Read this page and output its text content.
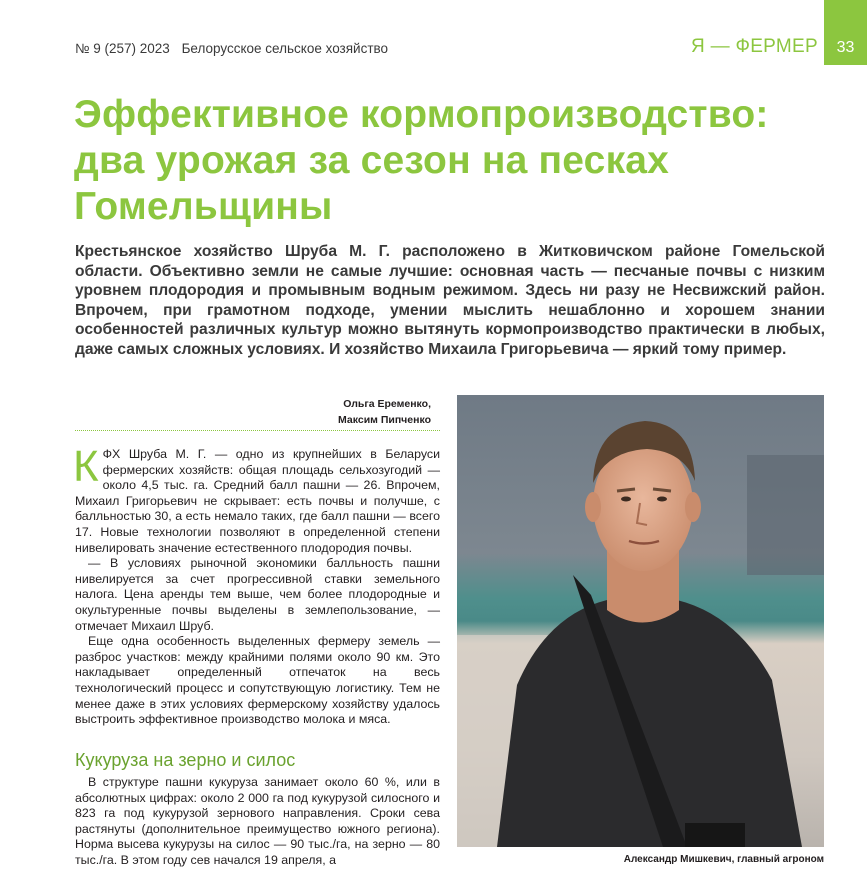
№ 9 (257) 2023 Белорусское сельское хозяйство	Я — ФЕРМЕР	33
Эффективное кормопроизводство: два урожая за сезон на песках Гомельщины

Крестьянское хозяйство Шруба М. Г. расположено в Житковичском районе Гомельской области. Объективно земли не самые лучшие: основная часть — песчаные почвы с низким уровнем плодородия и промывным водным режимом. Здесь ни разу не Несвижский район. Впрочем, при грамотном подходе, умении мыслить нешаблонно и хорошем знании особенностей различных культур можно вытянуть кормопроизводство практически в любых, даже самых сложных условиях. И хозяйство Михаила Григорьевича — яркий тому пример.

Ольга Еременко,
Максим Пипченко

КФХ Шруба М. Г. — одно из крупнейших в Беларуси фермерских хозяйств: общая площадь сельхозугодий — около 4,5 тыс. га. Средний балл пашни — 26. Впрочем, Михаил Григорьевич не скрывает: есть почвы и получше, с балльностью 30, а есть немало таких, где балл пашни — всего 17. Новые технологии позволяют в определенной степени нивелировать значение естественного плодородия почвы.

— В условиях рыночной экономики балльность пашни нивелируется за счет прогрессивной ставки земельного налога. Цена аренды тем выше, чем более плодородные и окультуренные почвы выделены в землепользование, — отмечает Михаил Шруб.

Еще одна особенность выделенных фермеру земель — разброс участков: между крайними полями около 90 км. Это накладывает определенный отпечаток на весь технологический процесс и сопутствующую логистику. Тем не менее даже в этих условиях фермерскому хозяйству удалось выстроить эффективное производство молока и мяса.

Кукуруза на зерно и силос

В структуре пашни кукуруза занимает около 60 %, или в абсолютных цифрах: около 2 000 га под кукурузой силосного и 823 га под кукурузой зернового направления. Сроки сева растянуты (дополнительное преимущество южного региона). Норма высева кукурузы на силос — 90 тыс./га, на зерно — 80 тыс./га. В этом году сев начался 19 апреля, а	Александр Мишкевич, главный агроном
